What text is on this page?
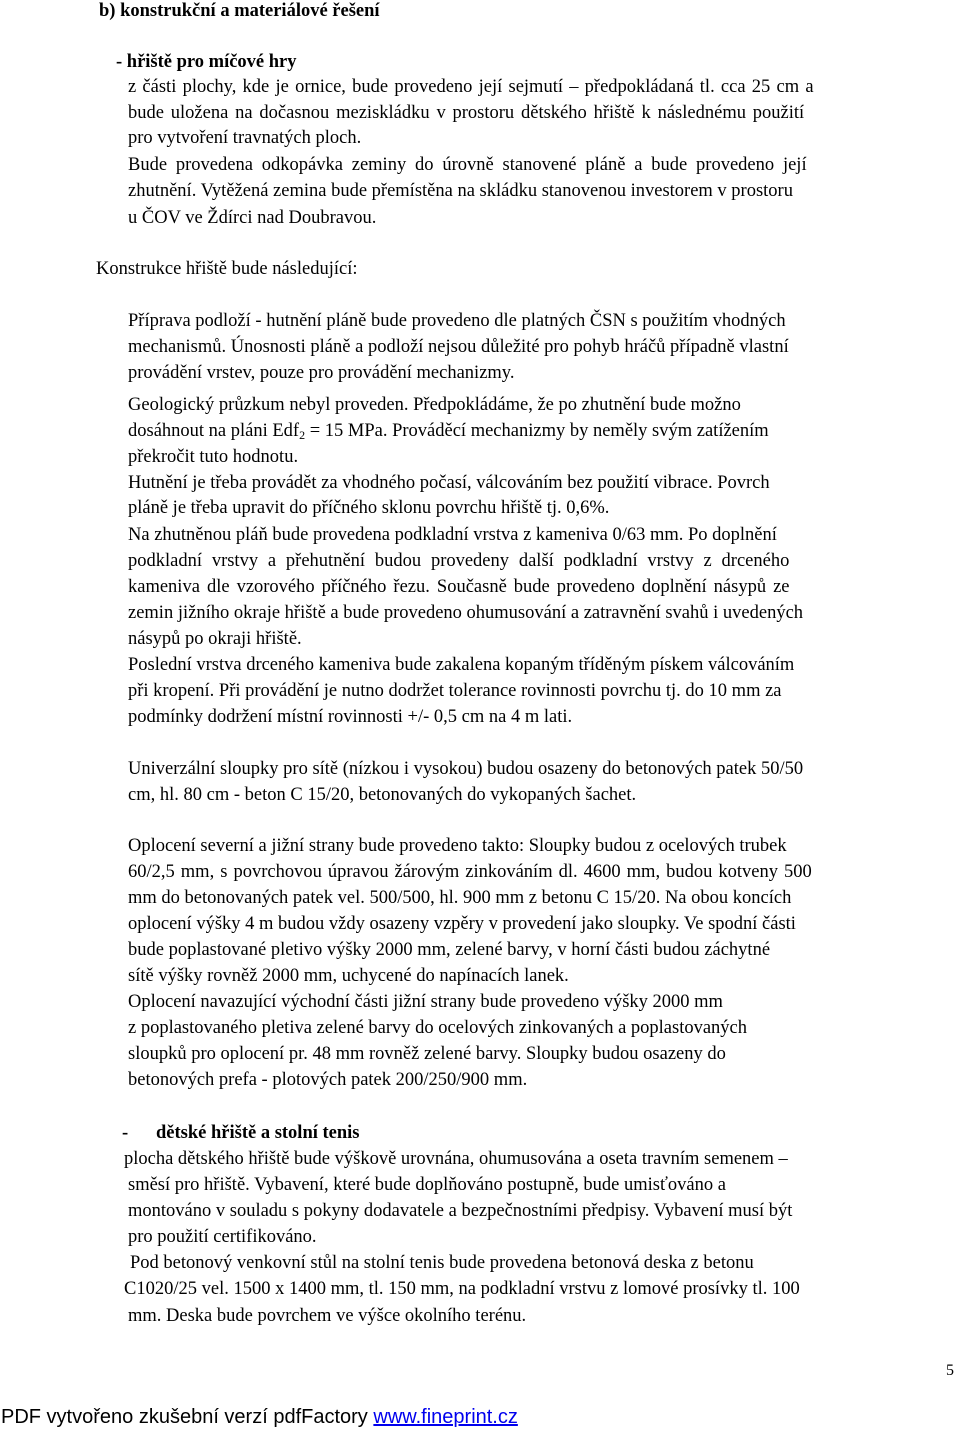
b) konstrukční a materiálové řešení
- hřiště pro míčové hry
z části plochy, kde je ornice, bude provedeno její sejmutí – předpokládaná tl. cca 25 cm a
bude uložena na dočasnou meziskládku v prostoru dětského hřiště k následnému použití
pro vytvoření travnatých ploch.
Bude provedena odkopávka zeminy do úrovně stanovené pláně a bude provedeno její
zhutnění. Vytěžená zemina bude přemístěna na skládku stanovenou investorem v prostoru
u ČOV ve Ždírci nad Doubravou.
Konstrukce hřiště bude následující:
Příprava podloží - hutnění pláně bude provedeno dle platných ČSN s použitím vhodných
mechanismů. Únosnosti pláně a podloží nejsou důležité pro pohyb hráčů případně vlastní
provádění vrstev, pouze pro provádění mechanizmy.
Geologický průzkum nebyl proveden. Předpokládáme, že po zhutnění bude možno
dosáhnout na pláni Edf$_2$ = 15 MPa. Prováděcí mechanizmy by neměly svým zatížením
překročit tuto hodnotu.
Hutnění je třeba provádět za vhodného počasí, válcováním bez použití vibrace. Povrch
pláně je třeba upravit do příčného sklonu povrchu hřiště tj. 0,6%.
Na zhutněnou pláň bude provedena podkladní vrstva z kameniva 0/63 mm. Po doplnění
podkladní vrstvy a přehutnění budou provedeny další podkladní vrstvy z drceného
kameniva dle vzorového příčného řezu. Současně bude provedeno doplnění násypů ze
zemin jižního okraje hřiště a bude provedeno ohumusování a zatravnění svahů i uvedených
násypů po okraji hřiště.
Poslední vrstva drceného kameniva bude zakalena kopaným tříděným pískem válcováním
při kropení. Při provádění je nutno dodržet tolerance rovinnosti povrchu tj. do 10 mm za
podmínky dodržení místní rovinnosti +/- 0,5 cm na 4 m lati.
Univerzální sloupky pro sítě (nízkou i vysokou) budou osazeny do betonových patek 50/50
cm, hl. 80 cm - beton C 15/20, betonovaných do vykopaných šachet.
Oplocení severní a jižní strany bude provedeno takto: Sloupky budou z ocelových trubek
60/2,5 mm, s povrchovou úpravou žárovým zinkováním dl. 4600 mm, budou kotveny 500
mm do betonovaných patek vel. 500/500, hl. 900 mm z betonu C 15/20. Na obou koncích
oplocení výšky 4 m budou vždy osazeny vzpěry v provedení jako sloupky. Ve spodní části
bude poplastované pletivo výšky 2000 mm, zelené barvy, v horní části budou záchytné
sítě výšky rovněž 2000 mm, uchycené do napínacích lanek.
Oplocení navazující východní části jižní strany bude provedeno výšky 2000 mm
z poplastovaného pletiva zelené barvy do ocelových zinkovaných a poplastovaných
sloupků pro oplocení pr. 48 mm rovněž zelené barvy. Sloupky budou osazeny do
betonových prefa - plotových patek 200/250/900 mm.
- dětské hřiště a stolní tenis
plocha dětského hřiště bude výškově urovnána, ohumusována a oseta travním semenem –
směsí pro hřiště. Vybavení, které bude doplňováno postupně, bude umisťováno a
montováno v souladu s pokyny dodavatele a bezpečnostními předpisy. Vybavení musí být
pro použití certifikováno.
Pod betonový venkovní stůl na stolní tenis bude provedena betonová deska z betonu
C1020/25 vel. 1500 x 1400 mm, tl. 150 mm, na podkladní vrstvu z lomové prosívky tl. 100
mm. Deska bude povrchem ve výšce okolního terénu.
5
PDF vytvořeno zkušební verzí pdfFactory www.fineprint.cz
